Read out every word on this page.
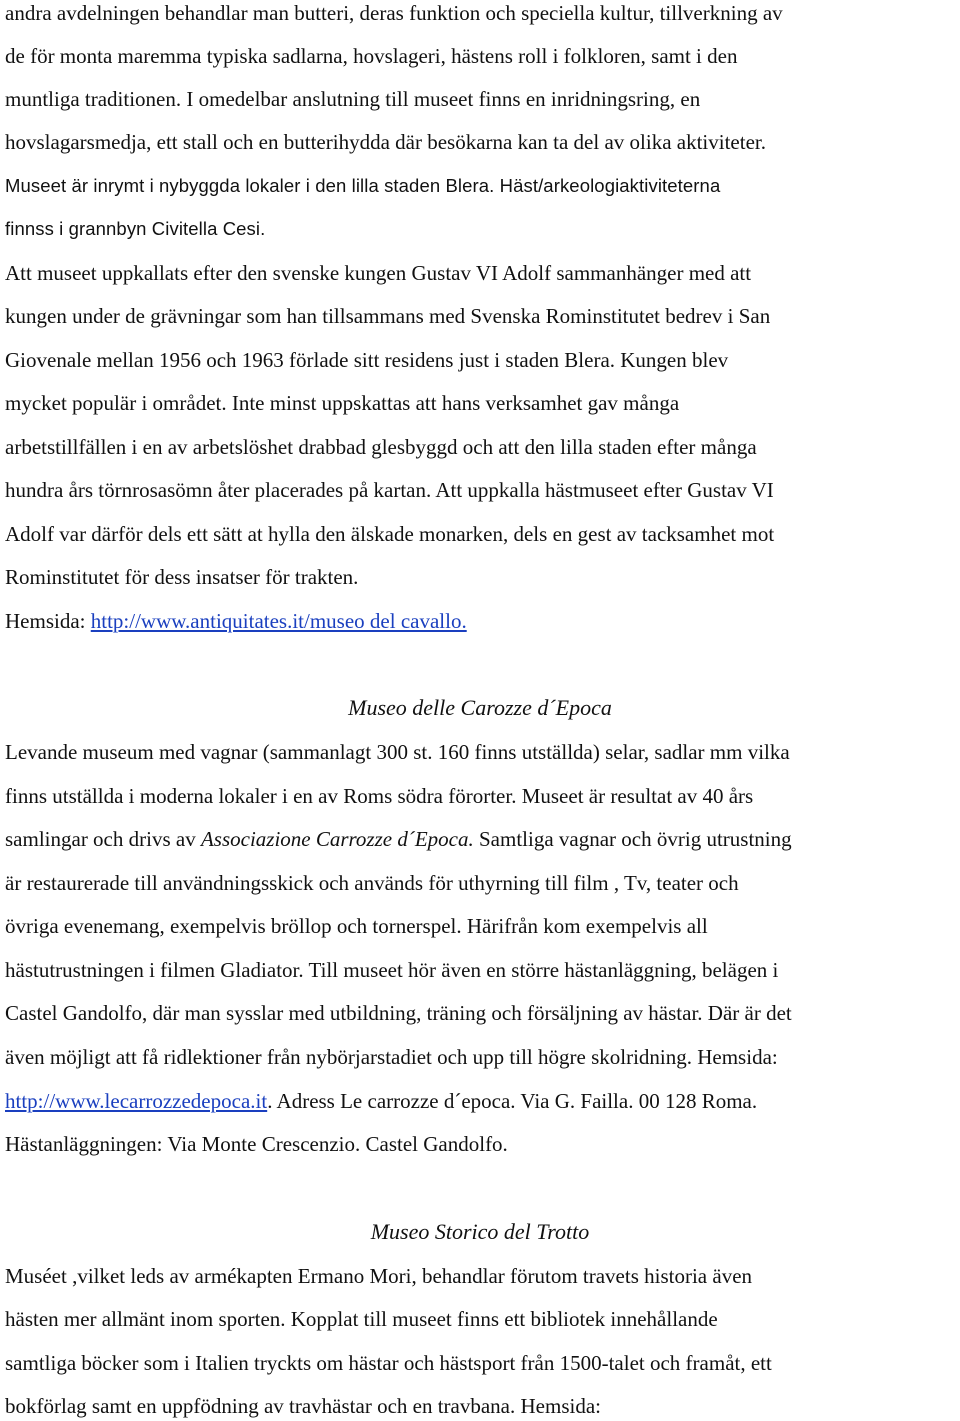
andra avdelningen behandlar man butteri, deras funktion och speciella kultur, tillverkning av
de för monta maremma typiska sadlarna, hovslageri, hästens roll i folkloren, samt i den
muntliga traditionen. I omedelbar anslutning till museet finns en inridningsring, en
hovslagarsmedja, ett stall och en butterihydda där besökarna kan ta del av olika aktiviteter.
Museet är inrymt i nybyggda lokaler i den lilla staden Blera. Häst/arkeologiaktiviteterna
finnss i grannbyn Civitella Cesi.
Att museet uppkallats efter den svenske kungen Gustav VI Adolf sammanhänger med att
kungen under de grävningar som han tillsammans med Svenska Rominstitutet bedrev i San
Giovenale mellan 1956 och 1963 förlade sitt residens just i staden Blera. Kungen blev
mycket populär i området. Inte minst uppskattas att hans verksamhet gav många
arbetstillfällen i en av arbetslöshet drabbad glesbyggd och att den lilla staden efter många
hundra års törnrosasömn åter placerades på kartan. Att uppkalla hästmuseet efter Gustav VI
Adolf var därför dels ett sätt at hylla den älskade monarken, dels en gest av tacksamhet mot
Rominstitutet för dess insatser för trakten.
Hemsida: http://www.antiquitates.it/museo del cavallo.
Museo delle Carozze d´Epoca
Levande museum med vagnar (sammanlagt 300 st. 160 finns utställda) selar, sadlar mm vilka
finns utställda i moderna lokaler i en av Roms södra förorter. Museet är resultat av 40 års
samlingar och drivs av Associazione Carrozze d´Epoca. Samtliga vagnar och övrig utrustning
är restaurerade till användningsskick och används för uthyrning till film , Tv, teater och
övriga evenemang, exempelvis bröllop och tornerspel. Härifrån kom exempelvis all
hästutrustningen i filmen Gladiator. Till museet hör även en större hästanläggning, belägen i
Castel Gandolfo, där man sysslar med utbildning, träning och försäljning av hästar. Där är det
även möjligt att få ridlektioner från nybörjarstadiet och upp till högre skolridning. Hemsida:
http://www.lecarrozzedepoca.it. Adress Le carrozze d´epoca. Via G. Failla. 00 128 Roma.
Hästanläggningen: Via Monte Crescenzio. Castel Gandolfo.
Museo Storico del Trotto
Muséet ,vilket leds av armékapten Ermano Mori, behandlar förutom travets historia även
hästen mer allmänt inom sporten. Kopplat till museet finns ett bibliotek innehållande
samtliga böcker som i Italien tryckts om hästar och hästsport från 1500-talet och framåt, ett
bokförlag samt en uppfödning av travhästar och en travbana. Hemsida:
